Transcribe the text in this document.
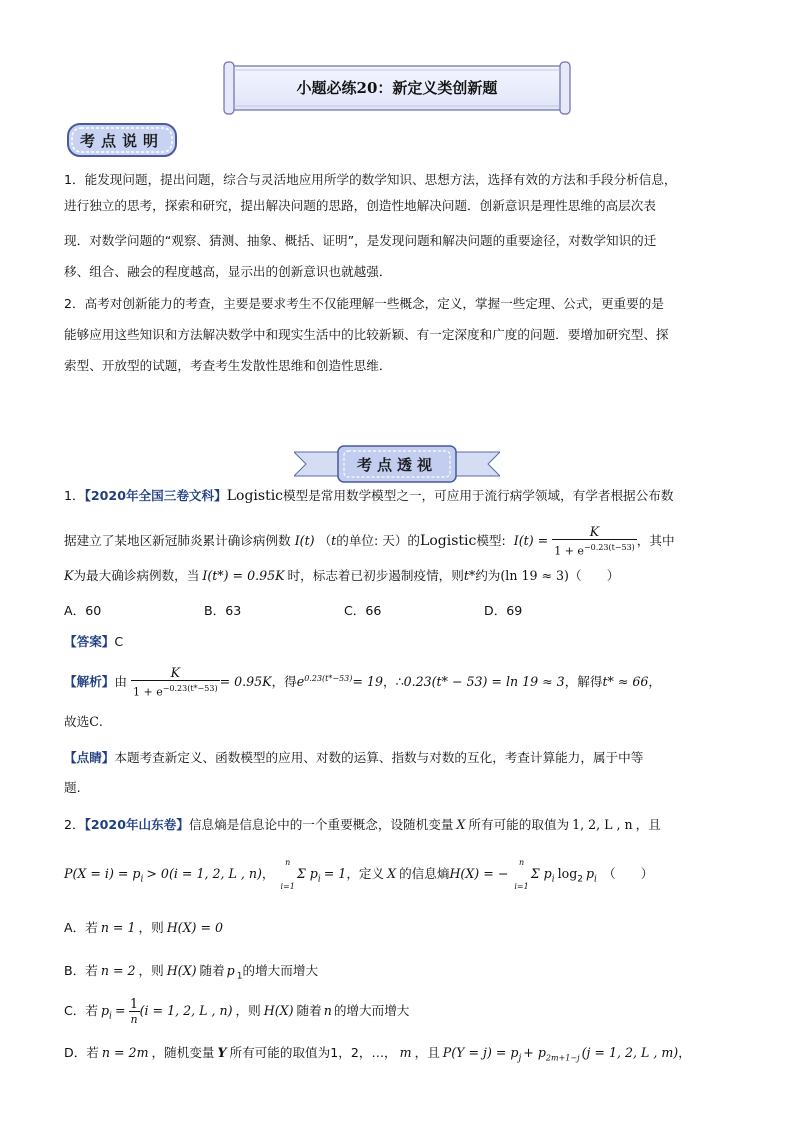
小题必练20：新定义类创新题
考点说明
1．能发现问题，提出问题，综合与灵活地应用所学的数学知识、思想方法，选择有效的方法和手段分析信息，
进行独立的思考，探索和研究，提出解决问题的思路，创造性地解决问题．创新意识是理性思维的高层次表
现．对数学问题的“观察、猜测、抽象、概括、证明”，是发现问题和解决问题的重要途径，对数学知识的迁
移、组合、融会的程度越高，显示出的创新意识也就越强．
2．高考对创新能力的考查，主要是要求考生不仅能理解一些概念，定义，掌握一些定理、公式，更重要的是
能够应用这些知识和方法解决数学中和现实生活中的比较新颖、有一定深度和广度的问题．要增加研究型、探
索型、开放型的试题，考查考生发散性思维和创造性思维．
考点透视
1．【2020年全国三卷文科】Logistic模型是常用数学模型之一，可应用于流行病学领域，有学者根据公布数
据建立了某地区新冠肺炎累计确诊病例数 I(t) （t的单位: 天）的Logistic模型: $I(t) = \frac{K}{1 + e^{-0.23(t-53)}}$ ，其中
K为最大确诊病例数，当 I(t*) = 0.95K 时，标志着已初步遏制疫情，则t*约为(ln 19 ≈ 3)（　　）
A．60	B．63	C．66	D．69
【答案】C
【解析】由 $\frac{K}{1 + e^{-0.23(t*-53)}} = 0.95K$，得$e^{0.23(t*-53)}= 19$，∴0.23(t* − 53) = ln 19 ≈ 3，解得t* ≈ 66，
故选C.
【点睛】本题考查新定义、函数模型的应用、对数的运算、指数与对数的互化，考查计算能力，属于中等
题.
2．【2020年山东卷】信息熵是信息论中的一个重要概念，设随机变量 X 所有可能的取值为 1, 2, L , n ，且
$P(X = i) = p_i > 0(i = 1$, 2, L , n)，
n

i=1
Σ $p_i = 1$，定义 X 的信息熵H(X) = −
n

i=1
Σ $p_i$ $\log_2 p_i$ （　　）
A．若 n = 1 ，则 H(X) = 0
B．若 n = 2 ，则 H(X) 随着 p $_1$的增大而增大
C．若 $p_i = \frac{1}{n} (i = 1$, 2, L , n) ，则 H(X) 随着 n 的增大而增大
D．若 n = 2m ，随机变量 Y 所有可能的取值为1，2，…， m ，且 $P(Y = j) = p_j + p_{2m+1-j}$ (j = 1, 2, L , m)，
